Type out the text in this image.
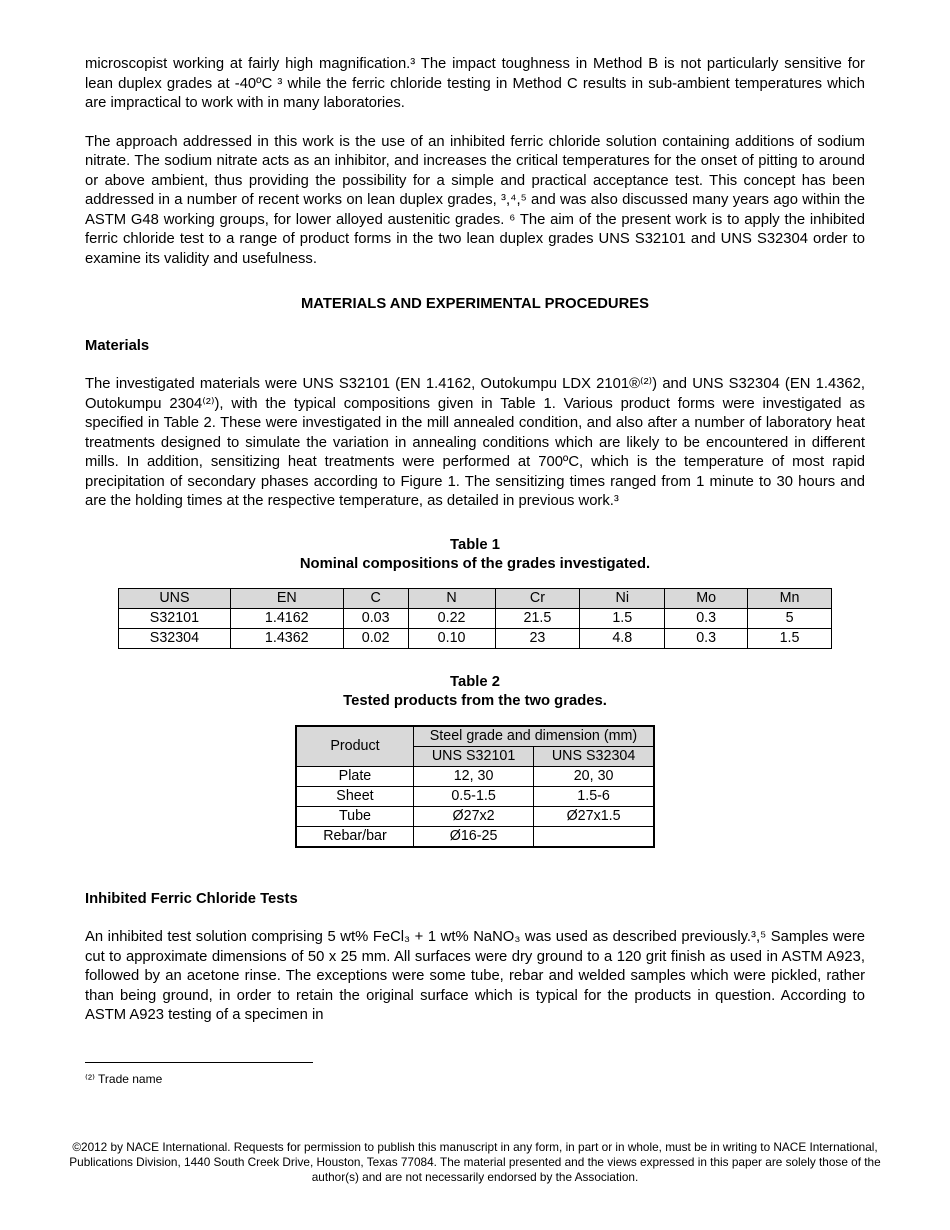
microscopist working at fairly high magnification.³ The impact toughness in Method B is not particularly sensitive for lean duplex grades at -40ºC ³ while the ferric chloride testing in Method C results in sub-ambient temperatures which are impractical to work with in many laboratories.

The approach addressed in this work is the use of an inhibited ferric chloride solution containing additions of sodium nitrate. The sodium nitrate acts as an inhibitor, and increases the critical temperatures for the onset of pitting to around or above ambient, thus providing the possibility for a simple and practical acceptance test. This concept has been addressed in a number of recent works on lean duplex grades, ³,⁴,⁵ and was also discussed many years ago within the ASTM G48 working groups, for lower alloyed austenitic grades. ⁶ The aim of the present work is to apply the inhibited ferric chloride test to a range of product forms in the two lean duplex grades UNS S32101 and UNS S32304 order to examine its validity and usefulness.

MATERIALS AND EXPERIMENTAL PROCEDURES
Materials

The investigated materials were UNS S32101 (EN 1.4162, Outokumpu LDX 2101®⁽²⁾) and UNS S32304 (EN 1.4362, Outokumpu 2304⁽²⁾), with the typical compositions given in Table 1. Various product forms were investigated as specified in Table 2. These were investigated in the mill annealed condition, and also after a number of laboratory heat treatments designed to simulate the variation in annealing conditions which are likely to be encountered in different mills. In addition, sensitizing heat treatments were performed at 700ºC, which is the temperature of most rapid precipitation of secondary phases according to Figure 1. The sensitizing times ranged from 1 minute to 30 hours and are the holding times at the respective temperature, as detailed in previous work.³

Table 1
Nominal compositions of the grades investigated.
UNS	EN	C	N	Cr	Ni	Mo	Mn
S32101	1.4162	0.03	0.22	21.5	1.5	0.3	5
S32304	1.4362	0.02	0.10	23	4.8	0.3	1.5
Table 2
Tested products from the two grades.
Product	Steel grade and dimension (mm)	
	UNS S32101	UNS S32304
Plate	12, 30	20, 30
Sheet	0.5-1.5	1.5-6
Tube	Ø27x2	Ø27x1.5
Rebar/bar	Ø16-25	
Inhibited Ferric Chloride Tests

An inhibited test solution comprising 5 wt% FeCl₃ + 1 wt% NaNO₃ was used as described previously.³,⁵ Samples were cut to approximate dimensions of 50 x 25 mm. All surfaces were dry ground to a 120 grit finish as used in ASTM A923, followed by an acetone rinse. The exceptions were some tube, rebar and welded samples which were pickled, rather than being ground, in order to retain the original surface which is typical for the products in question. According to ASTM A923 testing of a specimen in

⁽²⁾ Trade name
©2012 by NACE International. Requests for permission to publish this manuscript in any form, in part or in whole, must be in writing to NACE International, Publications Division, 1440 South Creek Drive, Houston, Texas 77084. The material presented and the views expressed in this paper are solely those of the author(s) and are not necessarily endorsed by the Association.
